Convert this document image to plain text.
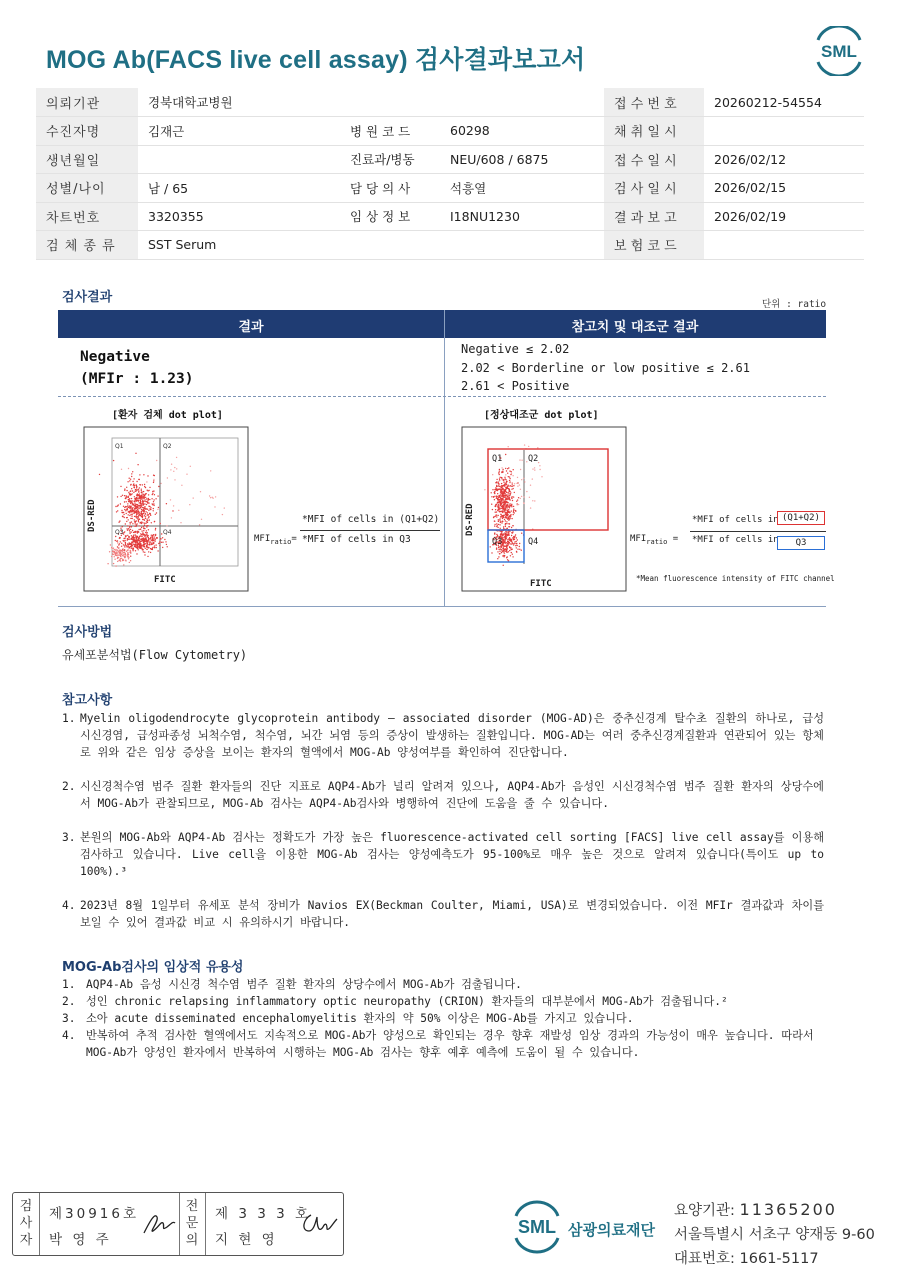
MOG Ab(FACS live cell assay) 검사결과보고서	SML
의뢰기관	경북대학교병원			접 수 번 호	20260212-54554
수진자명	김재근	병 원 코 드	60298	채 취 일 시	
생년월일		진료과/병동	NEU/608 / 6875	접 수 일 시	2026/02/12
성별/나이	남 / 65	담 당 의 사	석흥열	검 사 일 시	2026/02/15
차트번호	3320355	임 상 정 보	I18NU1230	결 과 보 고	2026/02/19
검 체 종 류	SST Serum			보 험 코 드	
검사결과	단위 : ratio
결과	참고치 및 대조군 결과
Negative
(MFIr : 1.23)
Negative ≤ 2.02
2.02 < Borderline or low positive ≤ 2.61
2.61 < Positive
[환자 검체 dot plot]	[정상대조군 dot plot]
Q1	Q2
Q3	Q4
DS-RED
FITC
MFIratio=
*MFI of cells in (Q1+Q2)
*MFI of cells in Q3
Q1	Q2
Q3	Q4
DS-RED
FITC
MFIratio =
*MFI of cells in (Q1+Q2)
*MFI of cells in	Q3
*Mean fluorescence intensity of FITC channel
검사방법
유세포분석법(Flow Cytometry)
참고사항
1. Myelin oligodendrocyte glycoprotein antibody – associated disorder (MOG-AD)은 중추신경계 탈수초 질환의 하나로, 급성 시신경염, 급성파종성 뇌척수염, 척수염, 뇌간 뇌염 등의 증상이 발생하는 질환입니다. MOG-AD는 여러 중추신경계질환과 연관되어 있는 항체로 위와 같은 임상 증상을 보이는 환자의 혈액에서 MOG-Ab 양성여부를 확인하여 진단합니다.
2. 시신경척수염 범주 질환 환자들의 진단 지표로 AQP4-Ab가 널리 알려져 있으나, AQP4-Ab가 음성인 시신경척수염 범주 질환 환자의 상당수에서 MOG-Ab가 관찰되므로, MOG-Ab 검사는 AQP4-Ab검사와 병행하여 진단에 도움을 줄 수 있습니다.
3. 본원의 MOG-Ab와 AQP4-Ab 검사는 정확도가 가장 높은 fluorescence-activated cell sorting [FACS] live cell assay를 이용해 검사하고 있습니다. Live cell을 이용한 MOG-Ab 검사는 양성예측도가 95-100%로 매우 높은 것으로 알려져 있습니다(특이도 up to 100%).³
4. 2023년 8월 1일부터 유세포 분석 장비가 Navios EX(Beckman Coulter, Miami, USA)로 변경되었습니다. 이전 MFIr 결과값과 차이를 보일 수 있어 결과값 비교 시 유의하시기 바랍니다.
MOG-Ab검사의 임상적 유용성
1. AQP4-Ab 음성 시신경 척수염 범주 질환 환자의 상당수에서 MOG-Ab가 검출됩니다.
2. 성인 chronic relapsing inflammatory optic neuropathy (CRION) 환자들의 대부분에서 MOG-Ab가 검출됩니다.²
3. 소아 acute disseminated encephalomyelitis 환자의 약 50% 이상은 MOG-Ab를 가지고 있습니다.
4. 반복하여 추적 검사한 혈액에서도 지속적으로 MOG-Ab가 양성으로 확인되는 경우 향후 재발성 임상 경과의 가능성이 매우 높습니다. 따라서 MOG-Ab가 양성인 환자에서 반복하여 시행하는 MOG-Ab 검사는 향후 예후 예측에 도움이 될 수 있습니다.
검
사
자
제30916호
박 영 주
전
문
의
제 3 3 3 호
지 현 영
SML 삼광의료재단
요양기관: 11365200
서울특별시 서초구 양재동 9-60
대표번호: 1661-5117
